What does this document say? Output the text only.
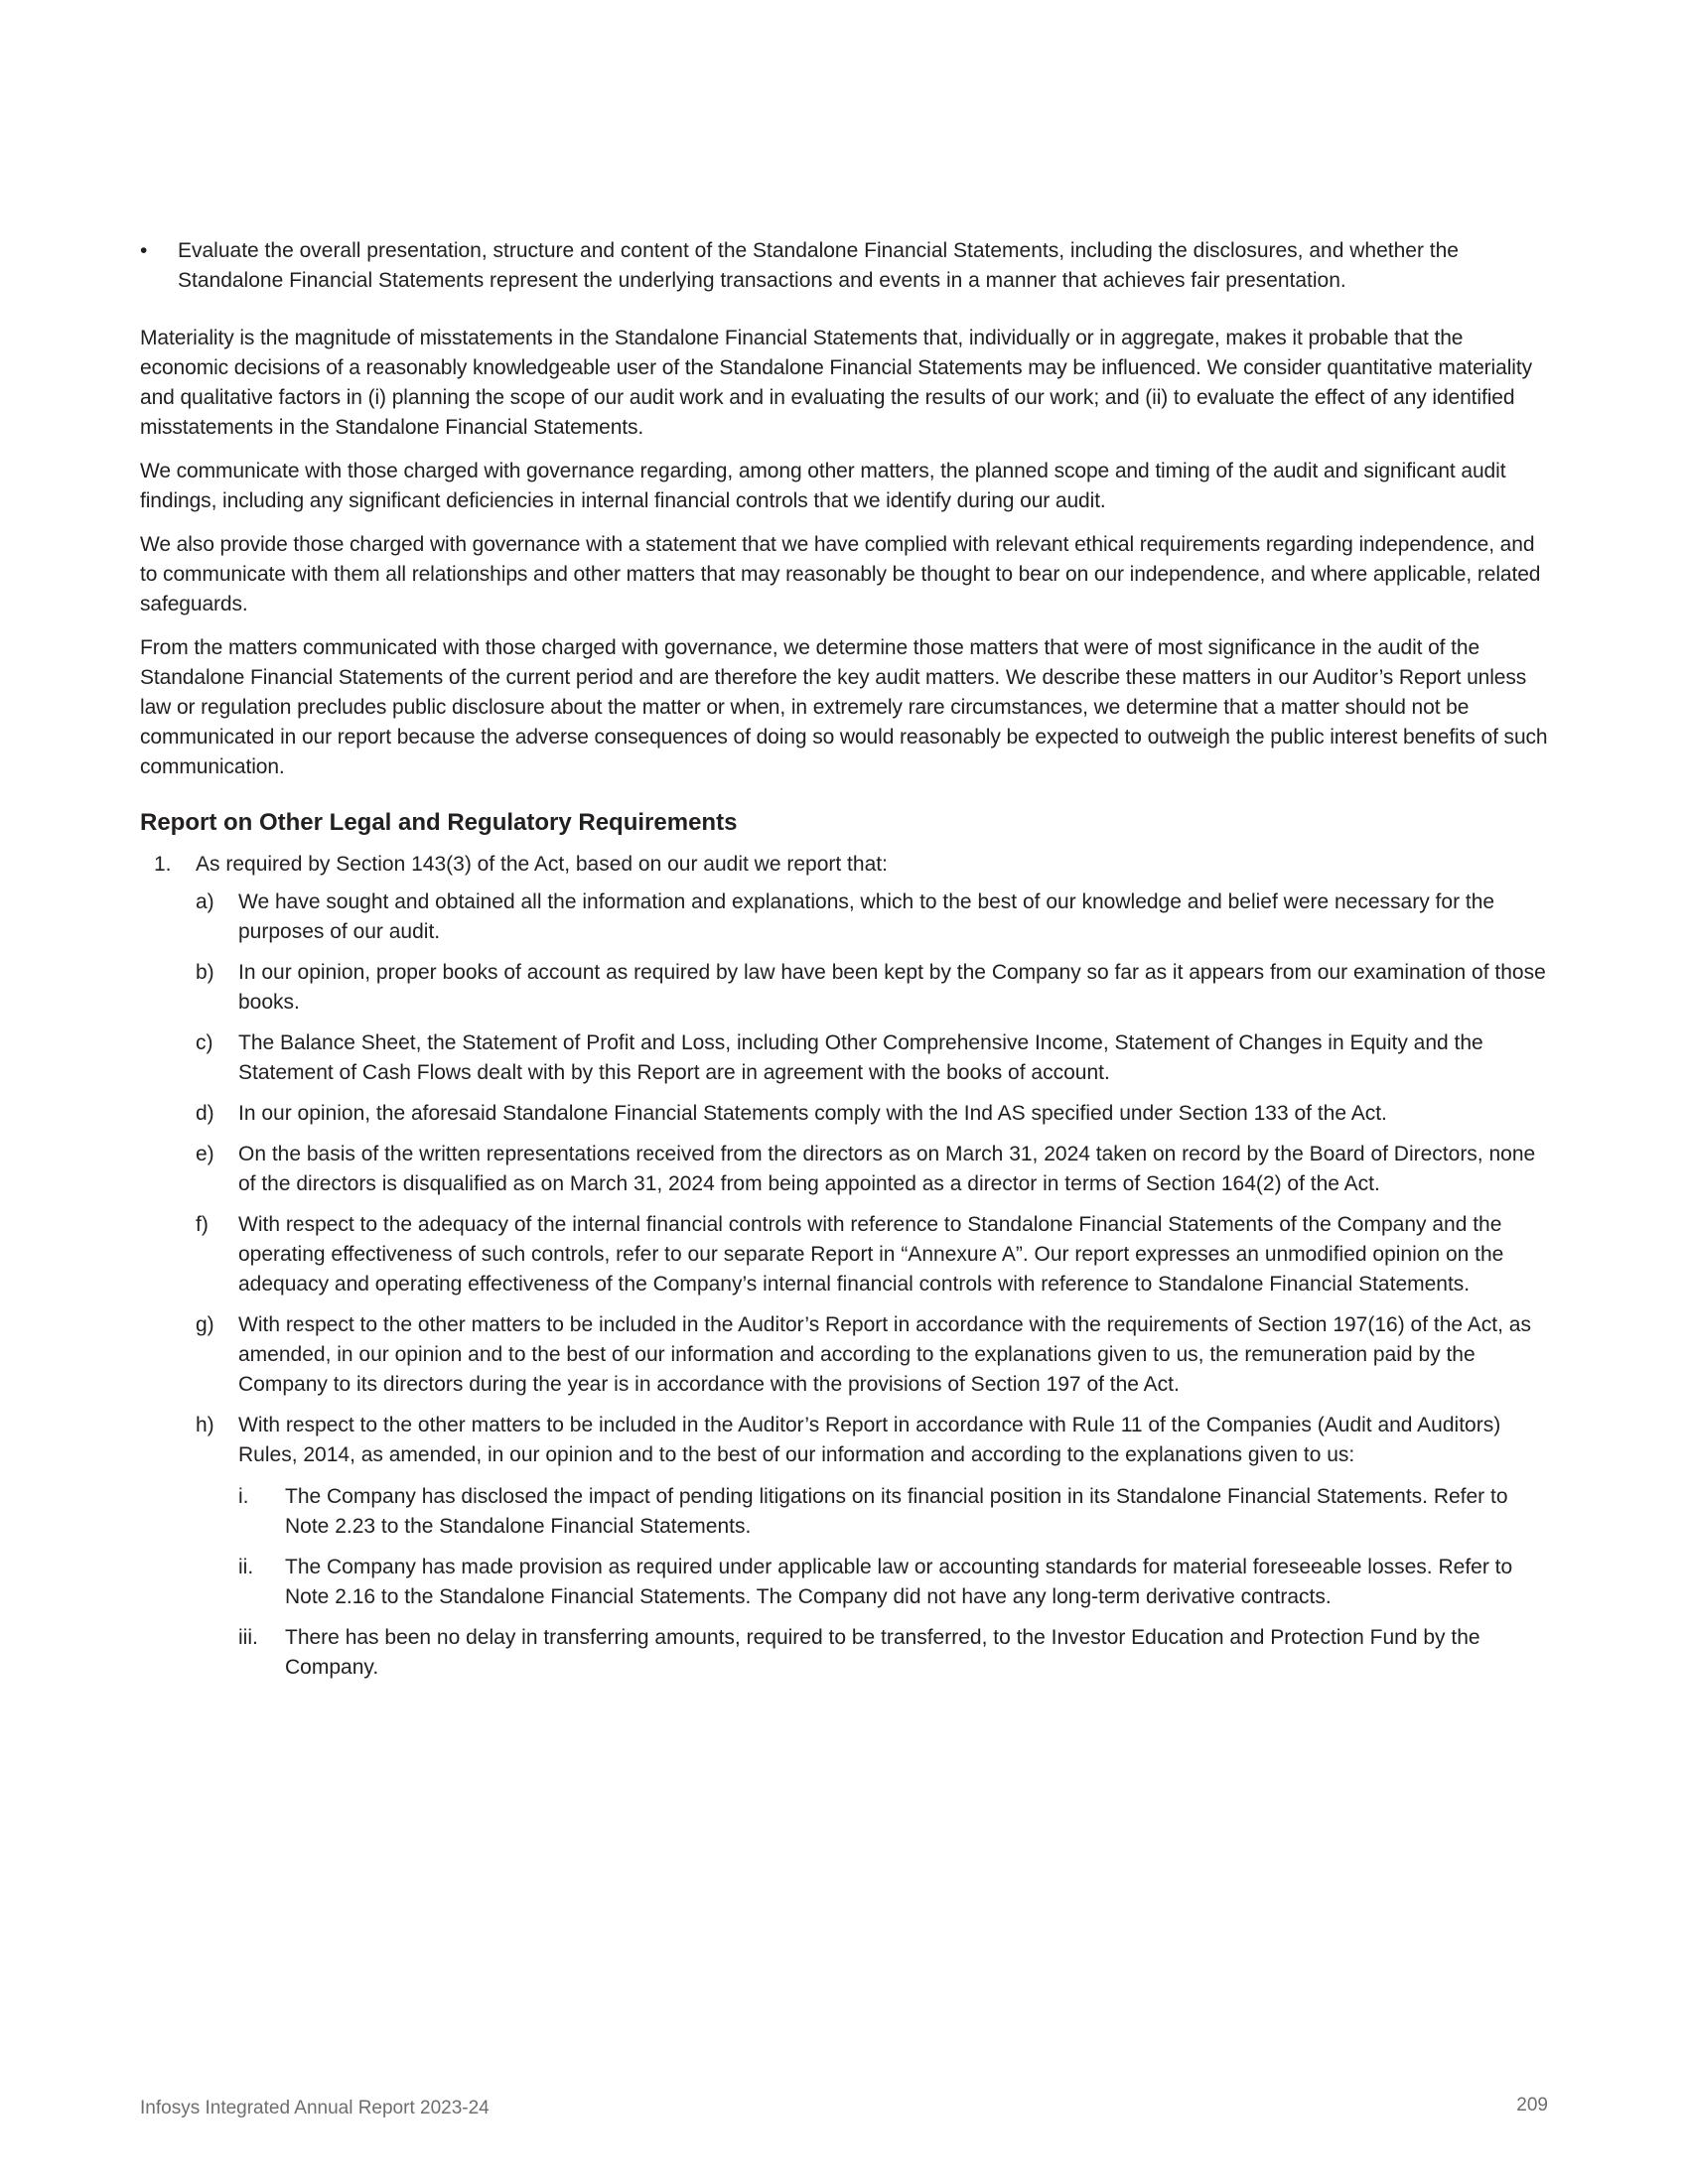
• Evaluate the overall presentation, structure and content of the Standalone Financial Statements, including the disclosures, and whether the Standalone Financial Statements represent the underlying transactions and events in a manner that achieves fair presentation.

Materiality is the magnitude of misstatements in the Standalone Financial Statements that, individually or in aggregate, makes it probable that the economic decisions of a reasonably knowledgeable user of the Standalone Financial Statements may be influenced. We consider quantitative materiality and qualitative factors in (i) planning the scope of our audit work and in evaluating the results of our work; and (ii) to evaluate the effect of any identified misstatements in the Standalone Financial Statements.

We communicate with those charged with governance regarding, among other matters, the planned scope and timing of the audit and significant audit findings, including any significant deficiencies in internal financial controls that we identify during our audit.

We also provide those charged with governance with a statement that we have complied with relevant ethical requirements regarding independence, and to communicate with them all relationships and other matters that may reasonably be thought to bear on our independence, and where applicable, related safeguards.

From the matters communicated with those charged with governance, we determine those matters that were of most significance in the audit of the Standalone Financial Statements of the current period and are therefore the key audit matters. We describe these matters in our Auditor’s Report unless law or regulation precludes public disclosure about the matter or when, in extremely rare circumstances, we determine that a matter should not be communicated in our report because the adverse consequences of doing so would reasonably be expected to outweigh the public interest benefits of such communication.

Report on Other Legal and Regulatory Requirements
1. As required by Section 143(3) of the Act, based on our audit we report that:
a) We have sought and obtained all the information and explanations, which to the best of our knowledge and belief were necessary for the purposes of our audit.
b) In our opinion, proper books of account as required by law have been kept by the Company so far as it appears from our examination of those books.
c) The Balance Sheet, the Statement of Profit and Loss, including Other Comprehensive Income, Statement of Changes in Equity and the Statement of Cash Flows dealt with by this Report are in agreement with the books of account.
d) In our opinion, the aforesaid Standalone Financial Statements comply with the Ind AS specified under Section 133 of the Act.
e) On the basis of the written representations received from the directors as on March 31, 2024 taken on record by the Board of Directors, none of the directors is disqualified as on March 31, 2024 from being appointed as a director in terms of Section 164(2) of the Act.
f) With respect to the adequacy of the internal financial controls with reference to Standalone Financial Statements of the Company and the operating effectiveness of such controls, refer to our separate Report in “Annexure A”. Our report expresses an unmodified opinion on the adequacy and operating effectiveness of the Company’s internal financial controls with reference to Standalone Financial Statements.
g) With respect to the other matters to be included in the Auditor’s Report in accordance with the requirements of Section 197(16) of the Act, as amended, in our opinion and to the best of our information and according to the explanations given to us, the remuneration paid by the Company to its directors during the year is in accordance with the provisions of Section 197 of the Act.
h) With respect to the other matters to be included in the Auditor’s Report in accordance with Rule 11 of the Companies (Audit and Auditors) Rules, 2014, as amended, in our opinion and to the best of our information and according to the explanations given to us:
i. The Company has disclosed the impact of pending litigations on its financial position in its Standalone Financial Statements. Refer to Note 2.23 to the Standalone Financial Statements.
ii. The Company has made provision as required under applicable law or accounting standards for material foreseeable losses. Refer to Note 2.16 to the Standalone Financial Statements. The Company did not have any long-term derivative contracts.
iii. There has been no delay in transferring amounts, required to be transferred, to the Investor Education and Protection Fund by the Company.
Infosys Integrated Annual Report 2023-24	209
